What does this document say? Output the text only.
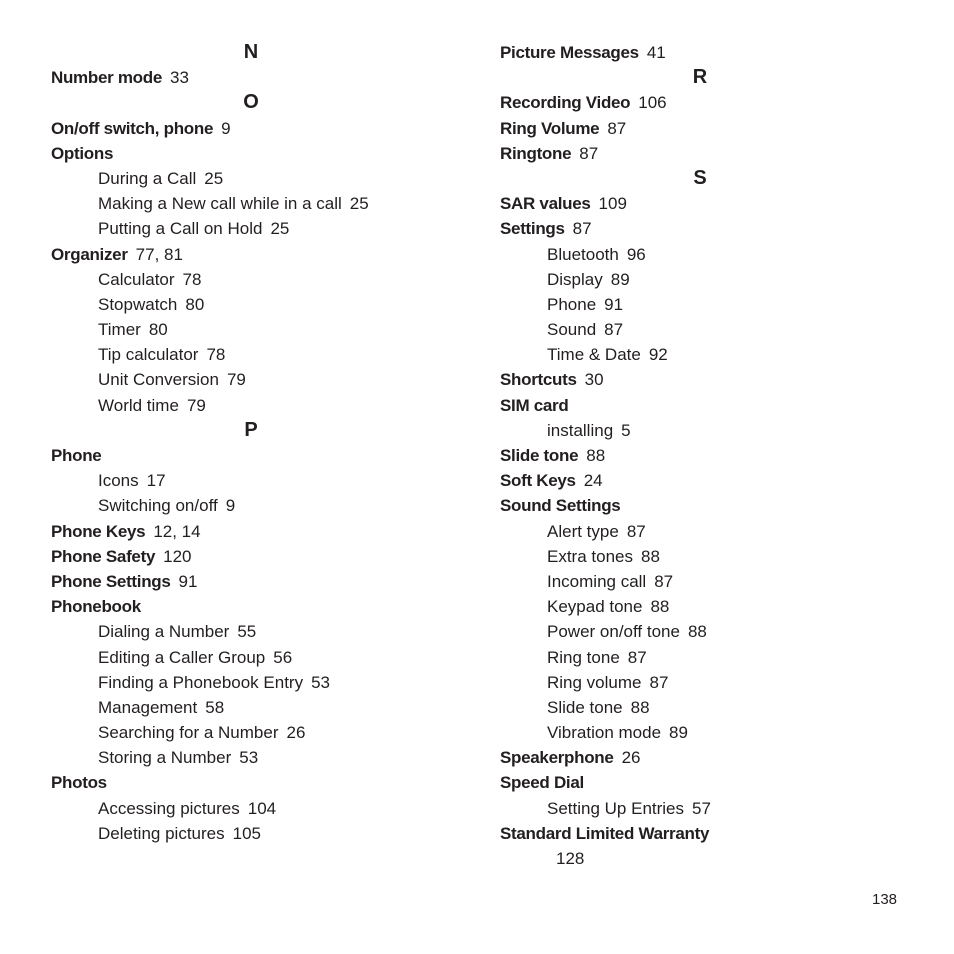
N
Number mode 33
O
On/off switch, phone 9
Options
During a Call 25
Making a New call while in a call 25
Putting a Call on Hold 25
Organizer 77, 81
Calculator 78
Stopwatch 80
Timer 80
Tip calculator 78
Unit Conversion 79
World time 79
P
Phone
Icons 17
Switching on/off 9
Phone Keys 12, 14
Phone Safety 120
Phone Settings 91
Phonebook
Dialing a Number 55
Editing a Caller Group 56
Finding a Phonebook Entry 53
Management 58
Searching for a Number 26
Storing a Number 53
Photos
Accessing pictures 104
Deleting pictures 105
Picture Messages 41
R
Recording Video 106
Ring Volume 87
Ringtone 87
S
SAR values 109
Settings 87
Bluetooth 96
Display 89
Phone 91
Sound 87
Time & Date 92
Shortcuts 30
SIM card
installing 5
Slide tone 88
Soft Keys 24
Sound Settings
Alert type 87
Extra tones 88
Incoming call 87
Keypad tone 88
Power on/off tone 88
Ring tone 87
Ring volume 87
Slide tone 88
Vibration mode 89
Speakerphone 26
Speed Dial
Setting Up Entries 57
Standard Limited Warranty
128
138
